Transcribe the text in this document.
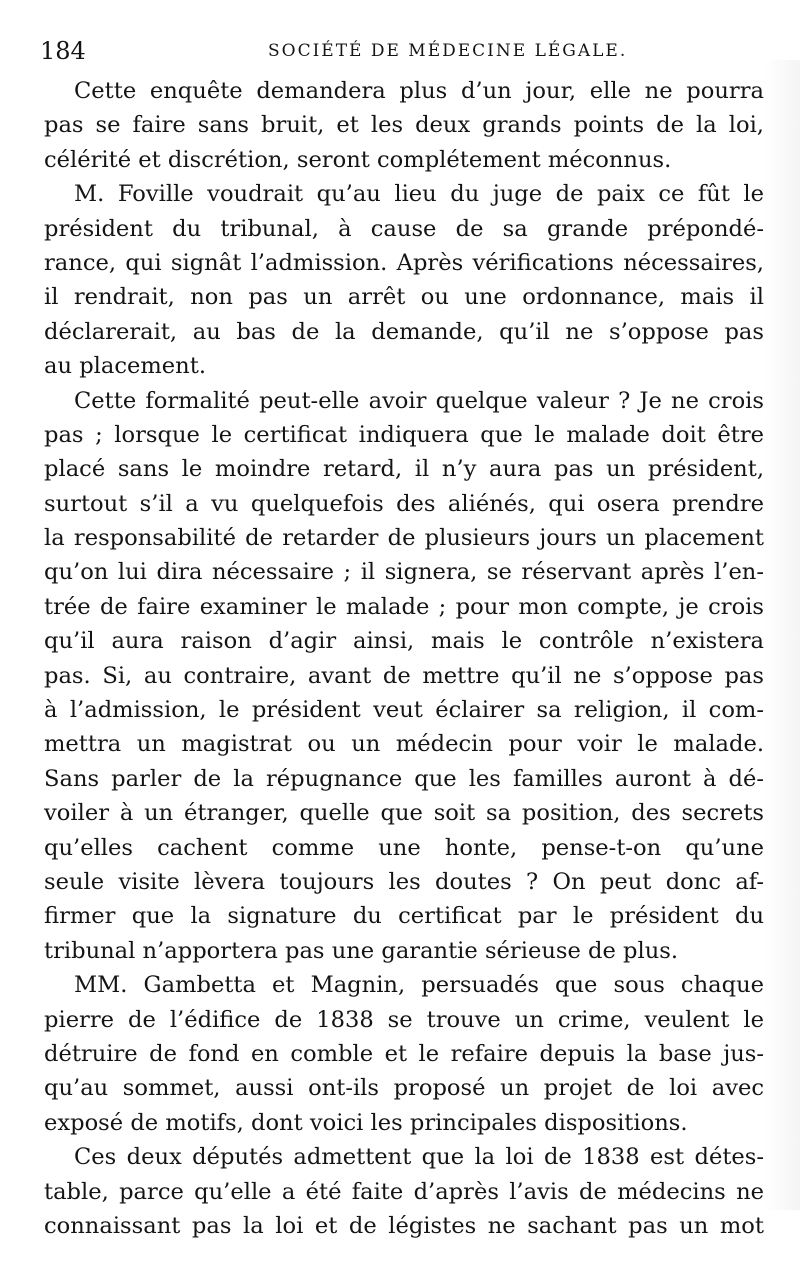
184	SOCIÉTÉ DE MÉDECINE LÉGALE.
Cette enquête demandera plus d’un jour, elle ne pourra
pas se faire sans bruit, et les deux grands points de la loi,
célérité et discrétion, seront complétement méconnus.
M. Foville voudrait qu’au lieu du juge de paix ce fût le
président du tribunal, à cause de sa grande prépondé-
rance, qui signât l’admission. Après vérifications nécessaires,
il rendrait, non pas un arrêt ou une ordonnance, mais il
déclarerait, au bas de la demande, qu’il ne s’oppose pas
au placement.
Cette formalité peut-elle avoir quelque valeur ? Je ne crois
pas ; lorsque le certificat indiquera que le malade doit être
placé sans le moindre retard, il n’y aura pas un président,
surtout s’il a vu quelquefois des aliénés, qui osera prendre
la responsabilité de retarder de plusieurs jours un placement
qu’on lui dira nécessaire ; il signera, se réservant après l’en-
trée de faire examiner le malade ; pour mon compte, je crois
qu’il aura raison d’agir ainsi, mais le contrôle n’existera
pas. Si, au contraire, avant de mettre qu’il ne s’oppose pas
à l’admission, le président veut éclairer sa religion, il com-
mettra un magistrat ou un médecin pour voir le malade.
Sans parler de la répugnance que les familles auront à dé-
voiler à un étranger, quelle que soit sa position, des secrets
qu’elles cachent comme une honte, pense-t-on qu’une
seule visite lèvera toujours les doutes ? On peut donc af-
firmer que la signature du certificat par le président du
tribunal n’apportera pas une garantie sérieuse de plus.
MM. Gambetta et Magnin, persuadés que sous chaque
pierre de l’édifice de 1838 se trouve un crime, veulent le
détruire de fond en comble et le refaire depuis la base jus-
qu’au sommet, aussi ont-ils proposé un projet de loi avec
exposé de motifs, dont voici les principales dispositions.
Ces deux députés admettent que la loi de 1838 est détes-
table, parce qu’elle a été faite d’après l’avis de médecins ne
connaissant pas la loi et de légistes ne sachant pas un mot
